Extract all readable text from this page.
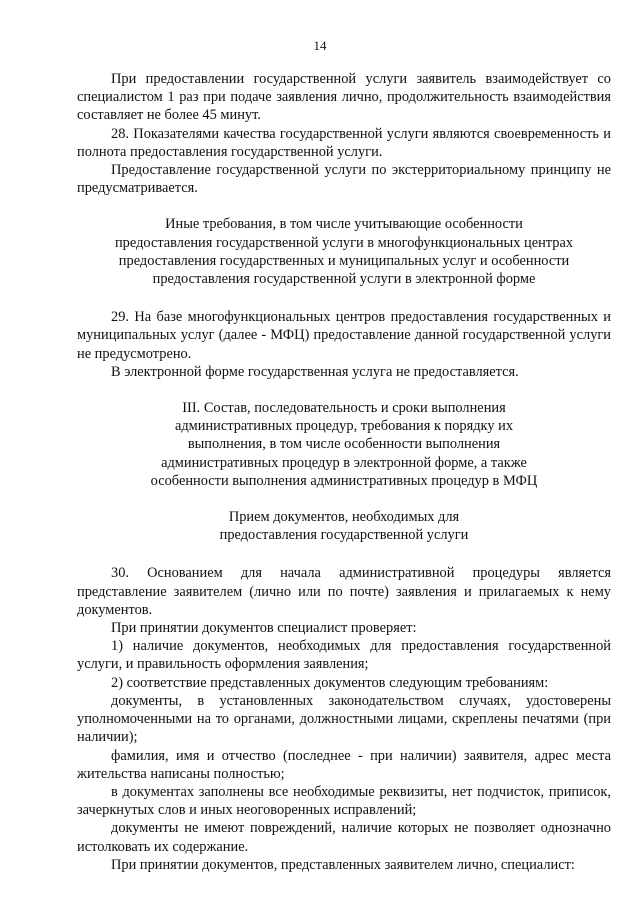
14

При предоставлении государственной услуги заявитель взаимодействует со специалистом 1 раз при подаче заявления лично, продолжительность взаимодействия составляет не более 45 минут.

28. Показателями качества государственной услуги являются своевременность и полнота предоставления государственной услуги.

Предоставление государственной услуги по экстерриториальному принципу не предусматривается.

Иные требования, в том числе учитывающие особенности
предоставления государственной услуги в многофункциональных центрах
предоставления государственных и муниципальных услуг и особенности
предоставления государственной услуги в электронной форме

29. На базе многофункциональных центров предоставления государственных и муниципальных услуг (далее - МФЦ) предоставление данной государственной услуги не предусмотрено.

В электронной форме государственная услуга не предоставляется.

III. Состав, последовательность и сроки выполнения
административных процедур, требования к порядку их
выполнения, в том числе особенности выполнения
административных процедур в электронной форме, а также
особенности выполнения административных процедур в МФЦ
Прием документов, необходимых для
предоставления государственной услуги

30. Основанием для начала административной процедуры является представление заявителем (лично или по почте) заявления и прилагаемых к нему документов.

При принятии документов специалист проверяет:

1) наличие документов, необходимых для предоставления государственной услуги, и правильность оформления заявления;

2) соответствие представленных документов следующим требованиям:

документы, в установленных законодательством случаях, удостоверены уполномоченными на то органами, должностными лицами, скреплены печатями (при наличии);

фамилия, имя и отчество (последнее - при наличии) заявителя, адрес места жительства написаны полностью;

в документах заполнены все необходимые реквизиты, нет подчисток, приписок, зачеркнутых слов и иных неоговоренных исправлений;

документы не имеют повреждений, наличие которых не позволяет однозначно истолковать их содержание.

При принятии документов, представленных заявителем лично, специалист:
